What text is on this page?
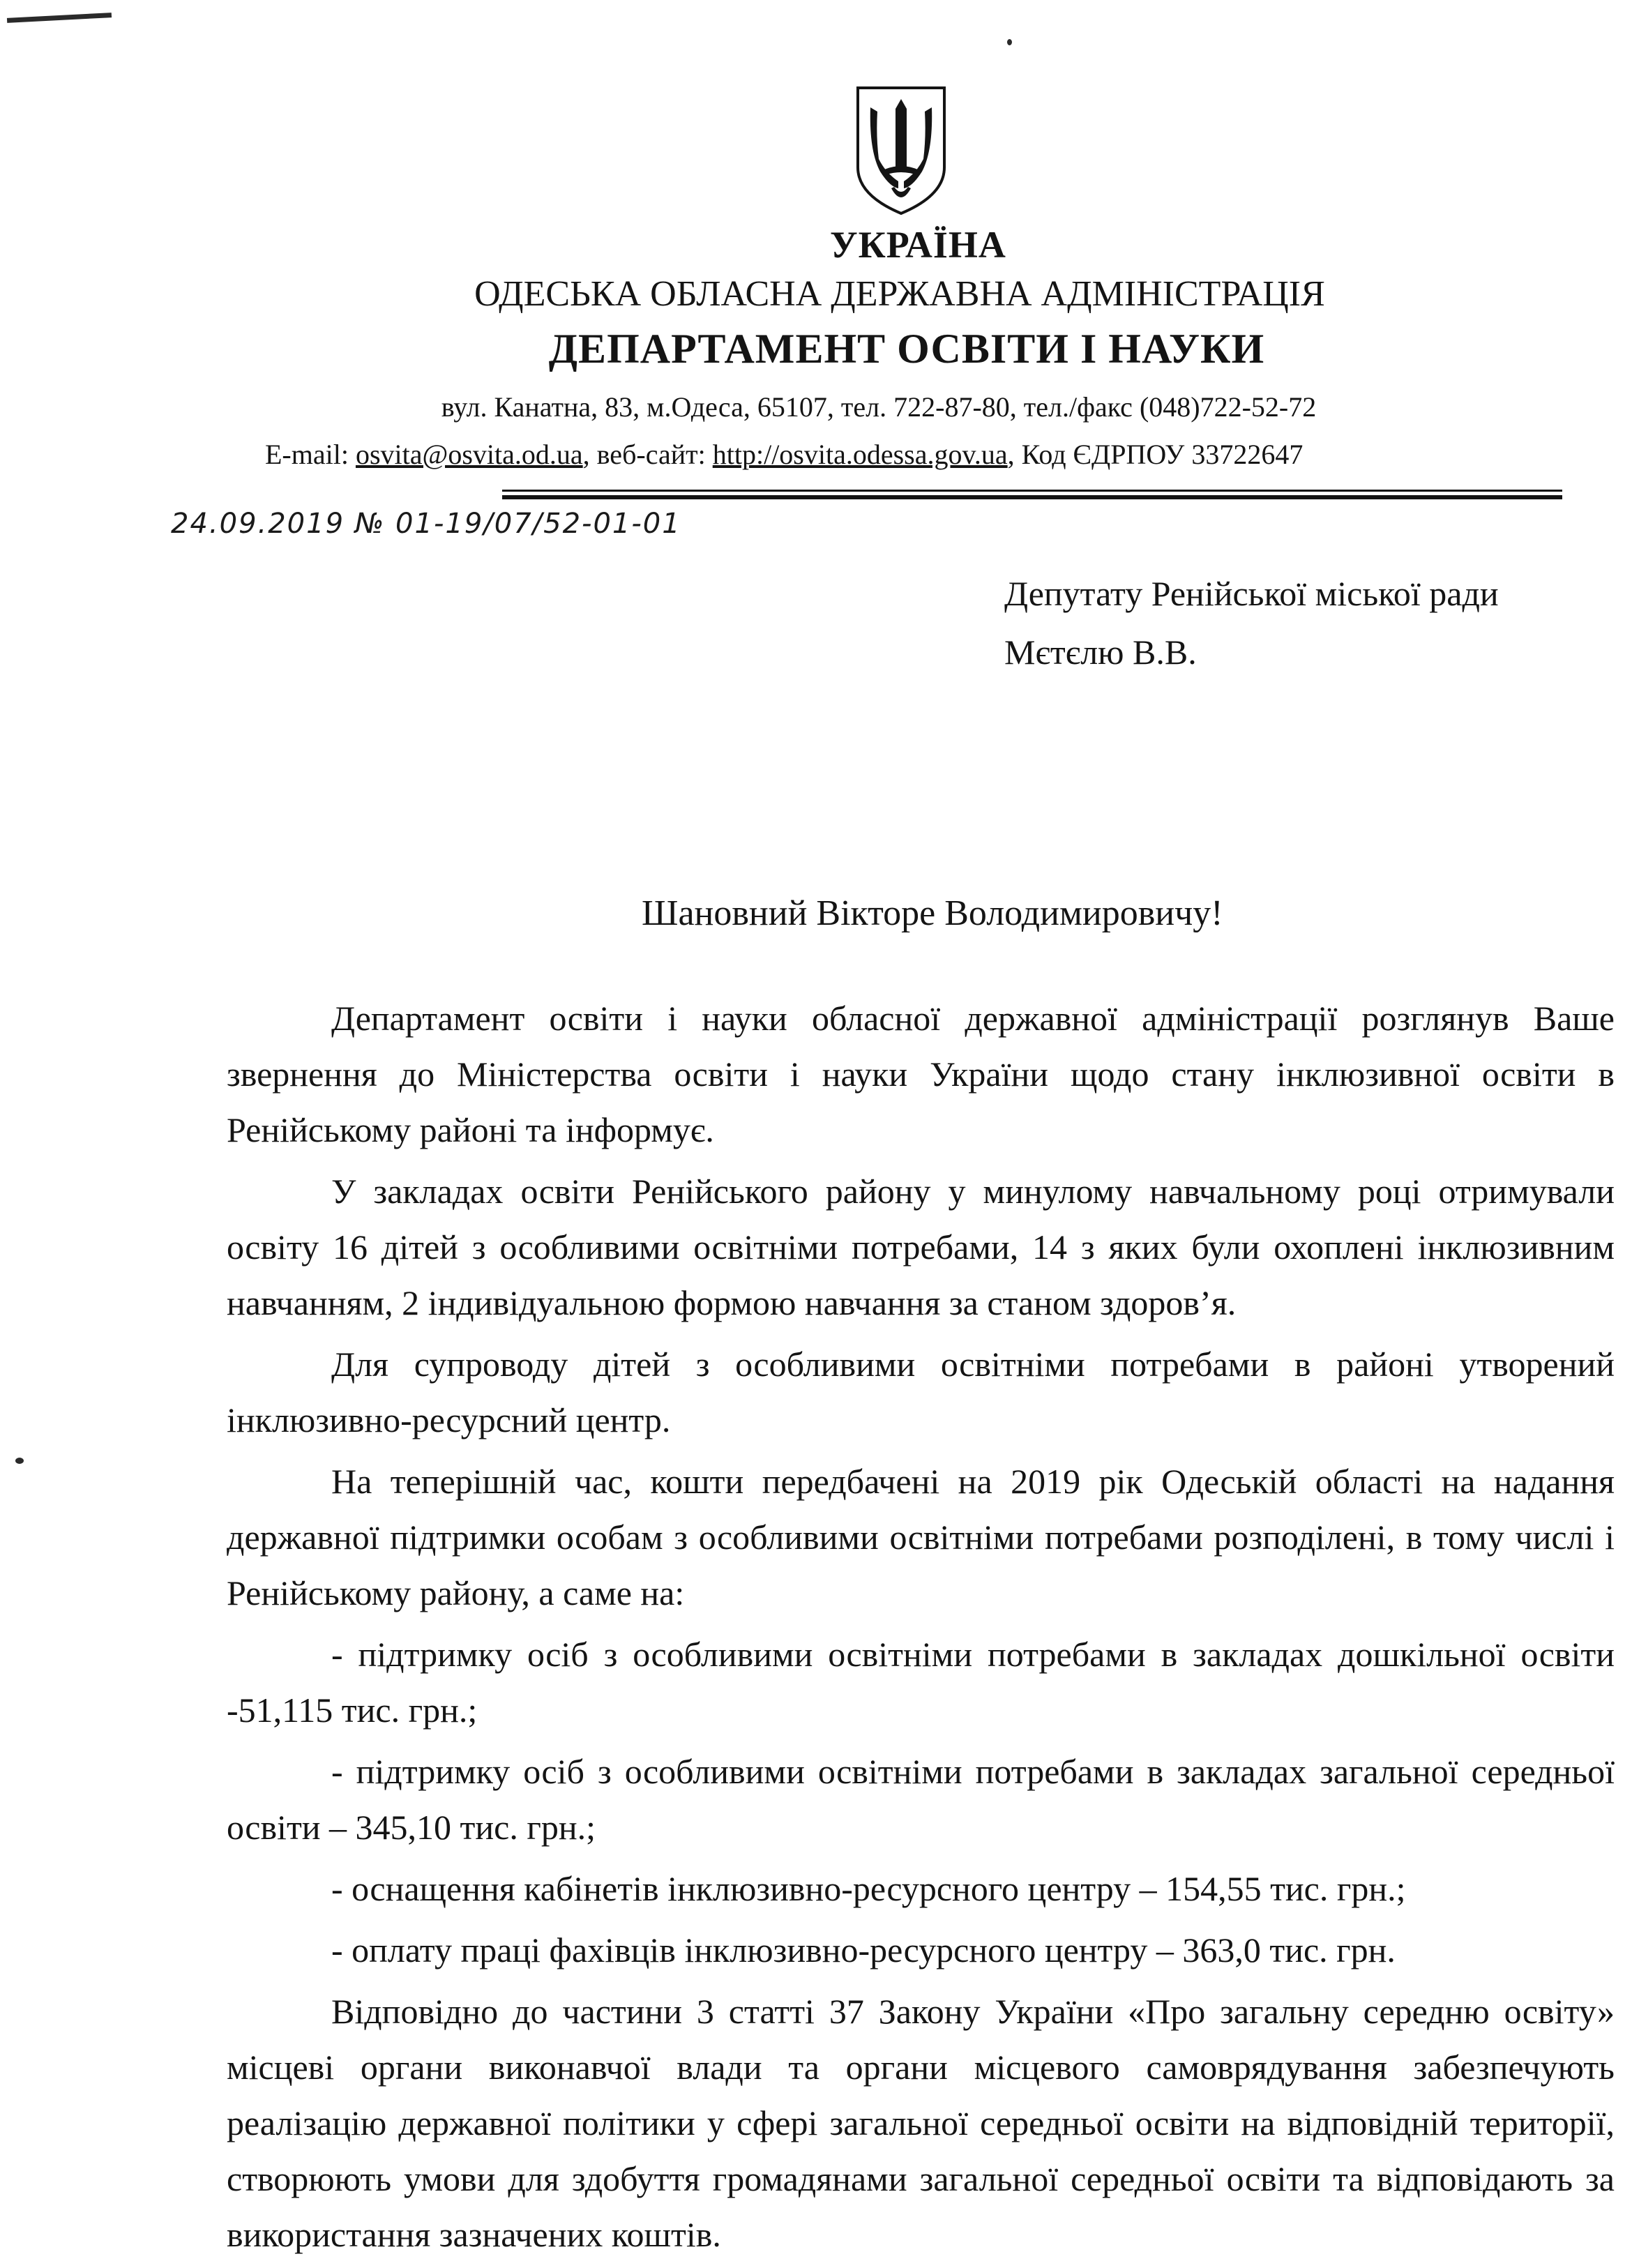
УКРАЇНА
ОДЕСЬКА ОБЛАСНА ДЕРЖАВНА АДМІНІСТРАЦІЯ
ДЕПАРТАМЕНТ ОСВІТИ І НАУКИ
вул. Канатна, 83, м.Одеса, 65107, тел. 722-87-80, тел./факс (048)722-52-72
E-mail: osvita@osvita.od.ua, веб-сайт: http://osvita.odessa.gov.ua, Код ЄДРПОУ 33722647
24.09.2019 № 01-19/07/52-01-01
Депутату Ренійської міської ради
Мєтєлю В.В.
Шановний Вікторе Володимировичу!

Департамент освіти і науки обласної державної адміністрації розглянув Ваше звернення до Міністерства освіти і науки України щодо стану інклюзивної освіти в Ренійському районі та інформує.

У закладах освіти Ренійського району у минулому навчальному році отримували освіту 16 дітей з особливими освітніми потребами, 14 з яких були охоплені інклюзивним навчанням, 2 індивідуальною формою навчання за станом здоров’я.

Для супроводу дітей з особливими освітніми потребами в районі утворений інклюзивно-ресурсний центр.

На теперішній час, кошти передбачені на 2019 рік Одеській області на надання державної підтримки особам з особливими освітніми потребами розподілені, в тому числі і Ренійському району, а саме на:

- підтримку осіб з особливими освітніми потребами в закладах дошкільної освіти -51,115 тис. грн.;

- підтримку осіб з особливими освітніми потребами в закладах загальної середньої освіти – 345,10 тис. грн.;

- оснащення кабінетів інклюзивно-ресурсного центру – 154,55 тис. грн.;

- оплату праці фахівців інклюзивно-ресурсного центру – 363,0 тис. грн.

Відповідно до частини 3 статті 37 Закону України «Про загальну середню освіту» місцеві органи виконавчої влади та органи місцевого самоврядування забезпечують реалізацію державної політики у сфері загальної середньої освіти на відповідній території, створюють умови для здобуття громадянами загальної середньої освіти та відповідають за використання зазначених коштів.
